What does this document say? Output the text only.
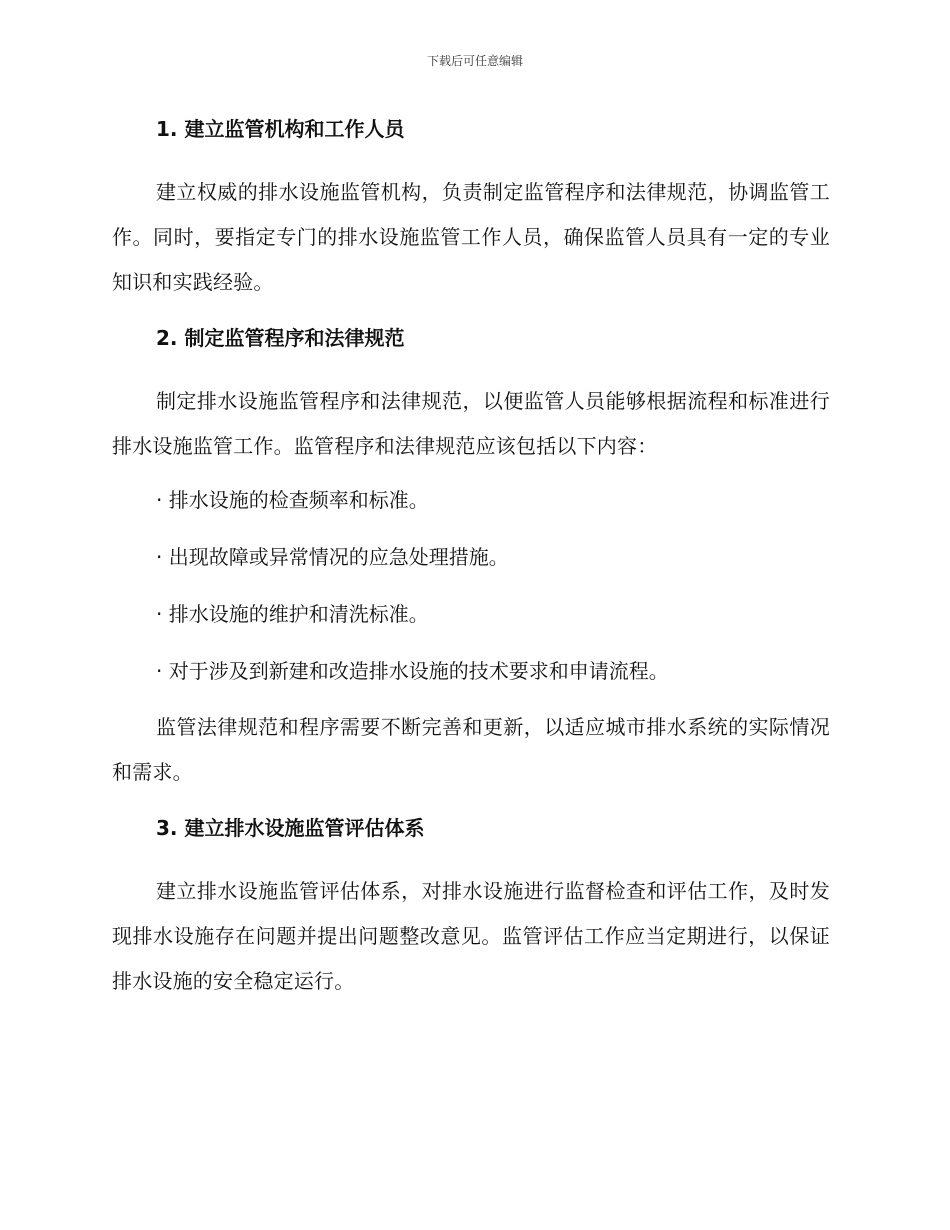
下载后可任意编辑
1. 建立监管机构和工作人员

建立权威的排水设施监管机构，负责制定监管程序和法律规范，协调监管工作。同时，要指定专门的排水设施监管工作人员，确保监管人员具有一定的专业知识和实践经验。

2. 制定监管程序和法律规范

制定排水设施监管程序和法律规范，以便监管人员能够根据流程和标准进行排水设施监管工作。监管程序和法律规范应该包括以下内容：

· 排水设施的检查频率和标准。

· 出现故障或异常情况的应急处理措施。

· 排水设施的维护和清洗标准。

· 对于涉及到新建和改造排水设施的技术要求和申请流程。

监管法律规范和程序需要不断完善和更新，以适应城市排水系统的实际情况和需求。

3. 建立排水设施监管评估体系

建立排水设施监管评估体系，对排水设施进行监督检查和评估工作，及时发现排水设施存在问题并提出问题整改意见。监管评估工作应当定期进行，以保证排水设施的安全稳定运行。
